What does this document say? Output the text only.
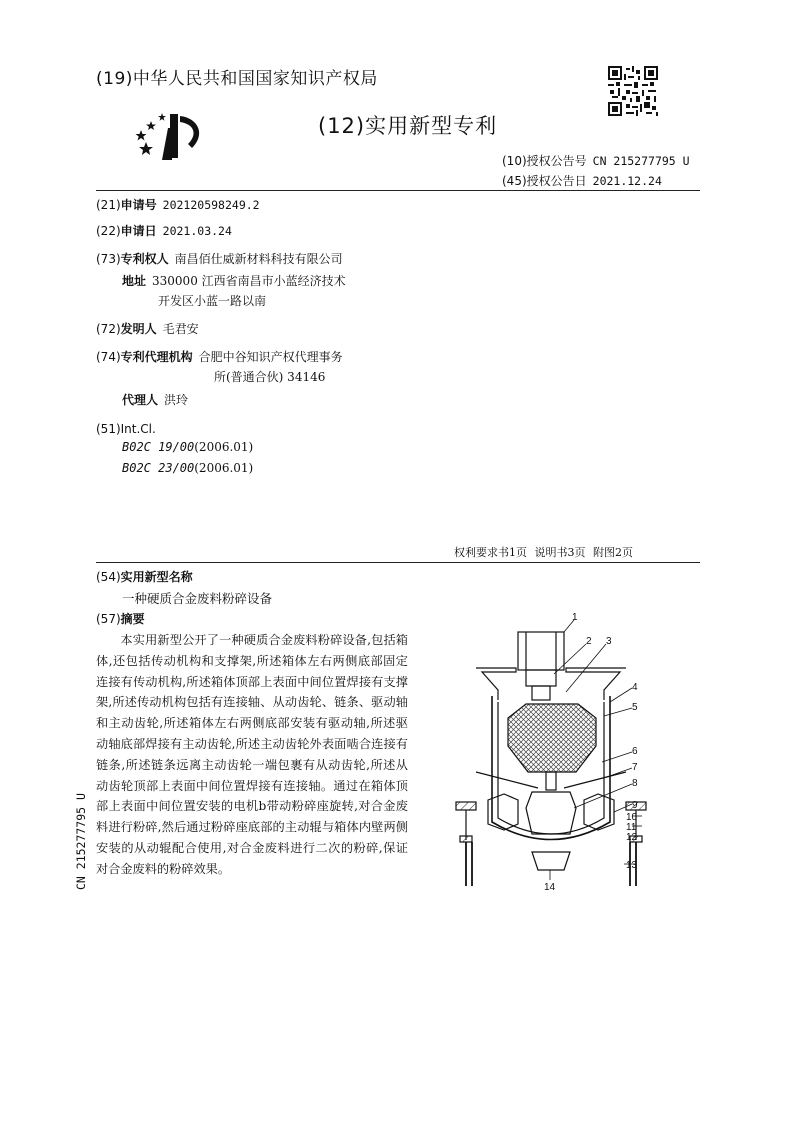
(19)中华人民共和国国家知识产权局
(12)实用新型专利
(10)授权公告号 CN 215277795 U
(45)授权公告日 2021.12.24
(21)申请号 202120598249.2
(22)申请日 2021.03.24
(73)专利权人 南昌佰仕威新材料科技有限公司
地址 330000 江西省南昌市小蓝经济技术
开发区小蓝一路以南
(72)发明人 毛君安
(74)专利代理机构 合肥中谷知识产权代理事务
所(普通合伙) 34146
代理人 洪玲
(51)Int.Cl.
B02C 19/00(2006.01)
B02C 23/00(2006.01)
权利要求书1页 说明书3页 附图2页
(54)实用新型名称
一种硬质合金废料粉碎设备
(57)摘要

本实用新型公开了一种硬质合金废料粉碎设备,包括箱体,还包括传动机构和支撑架,所述箱体左右两侧底部固定连接有传动机构,所述箱体顶部上表面中间位置焊接有支撑架,所述传动机构包括有连接轴、从动齿轮、链条、驱动轴和主动齿轮,所述箱体左右两侧底部安装有驱动轴,所述驱动轴底部焊接有主动齿轮,所述主动齿轮外表面啮合连接有链条,所述链条远离主动齿轮一端包裹有从动齿轮,所述从动齿轮顶部上表面中间位置焊接有连接轴。通过在箱体顶部上表面中间位置安装的电机b带动粉碎座旋转,对合金废料进行粉碎,然后通过粉碎座底部的主动辊与箱体内壁两侧安装的从动辊配合使用,对合金废料进行二次的粉碎,保证对合金废料的粉碎效果。

CN 215277795 U
1
2 3
4
5
6
7
8
9
10
11
12
13
14
